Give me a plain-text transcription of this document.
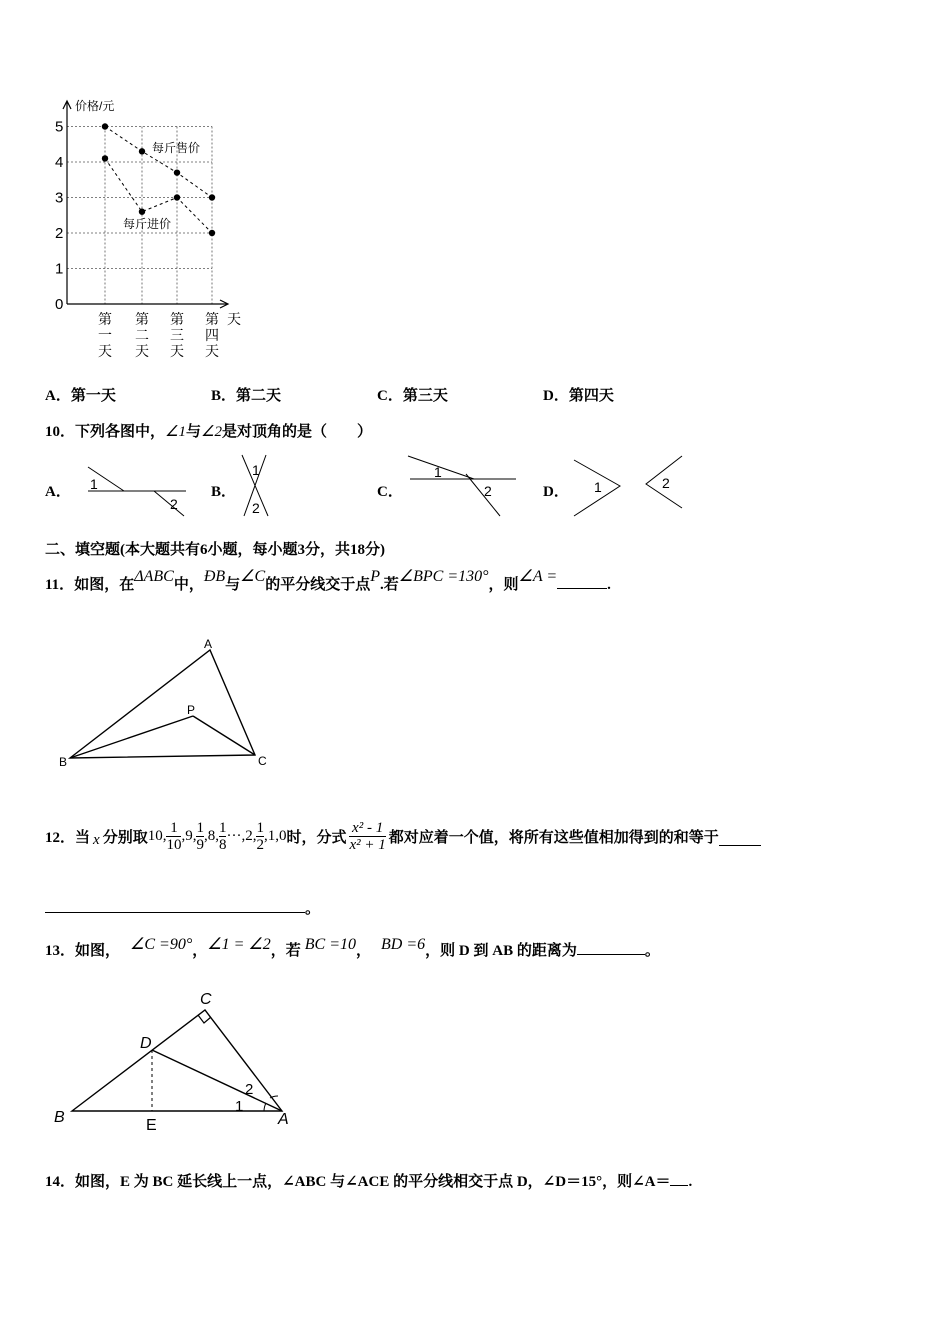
0
1
2
3
4
5
价格/元
第一天
第二天
第三天
第四天
天
每斤售价
每斤进价
A．第一天	B．第二天	C．第三天	D．第四天
10．下列各图中，∠1与∠2是对顶角的是（　　）
A． 1
2
B．
1
2
C．
1
2	D． 1	2
二、填空题(本大题共有6小题，每小题3分，共18分)
11．如图，在ΔABC中，ÐB与∠C的平分线交于点P.若∠BPC =130°，则∠A =	.
A
B	C
P
12． 当 x 分别取 10 , $\frac{1}{10}$ , 9 , $\frac{1}{9}$ , 8 , $\frac{1}{8}$ ··· , 2 , $\frac{1}{2}$ , 1 , 0 时，分式 $\frac{\text{x² - 1}}{\text{x² + 1}}$ 都对应着一个值，将所有这些值相加得到的和等于
。
13．如图， ∠C =90°，∠1 = ∠2，若 BC =10， BD =6，则 D 到 AB 的距离为	。
C
D
B	E	A
1
2
14．如图，E 为 BC 延长线上一点，∠ABC 与∠ACE 的平分线相交于点 D，∠D＝15°，则∠A＝ .
